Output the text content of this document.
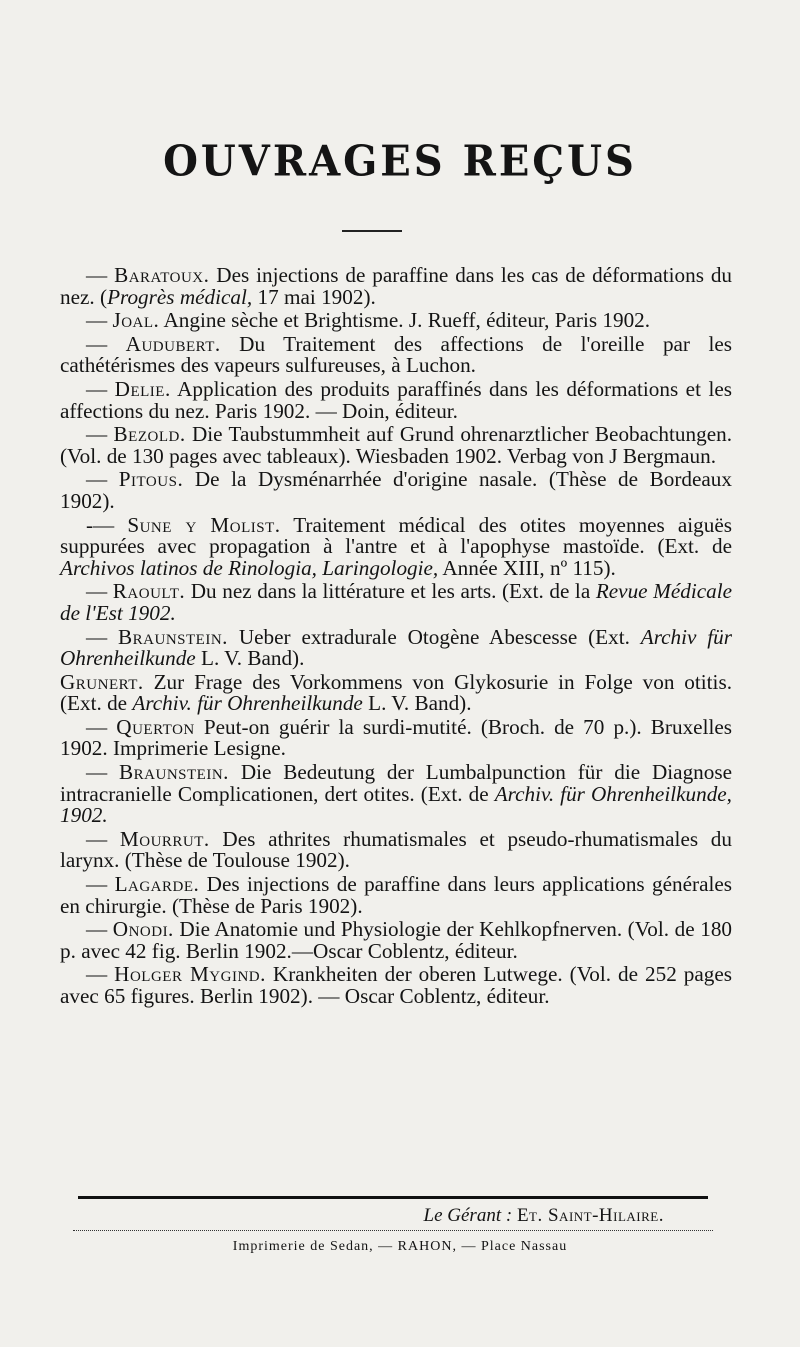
OUVRAGES REÇUS

— Baratoux. Des injections de paraffine dans les cas de déformations du nez. (Progrès médical, 17 mai 1902).

— Joal. Angine sèche et Brightisme. J. Rueff, éditeur, Paris 1902.

— Audubert. Du Traitement des affections de l'oreille par les cathétérismes des vapeurs sulfureuses, à Luchon.

— Delie. Application des produits paraffinés dans les déformations et les affections du nez. Paris 1902. — Doin, éditeur.

— Bezold. Die Taubstummheit auf Grund ohrenarztlicher Beobachtungen. (Vol. de 130 pages avec tableaux). Wiesbaden 1902. Verbag von J Bergmaun.

— Pitous. De la Dysménarrhée d'origine nasale. (Thèse de Bordeaux 1902).

-— Sune y Molist. Traitement médical des otites moyennes aiguës suppurées avec propagation à l'antre et à l'apophyse mastoïde. (Ext. de Archivos latinos de Rinologia, Laringologie, Année XIII, nº 115).

— Raoult. Du nez dans la littérature et les arts. (Ext. de la Revue Médicale de l'Est 1902.

— Braunstein. Ueber extradurale Otogène Abescesse (Ext. Archiv für Ohrenheilkunde L. V. Band).

Grunert. Zur Frage des Vorkommens von Glykosurie in Folge von otitis. (Ext. de Archiv. für Ohrenheilkunde L. V. Band).

— Querton Peut-on guérir la surdi-mutité. (Broch. de 70 p.). Bruxelles 1902. Imprimerie Lesigne.

— Braunstein. Die Bedeutung der Lumbalpunction für die Diagnose intracranielle Complicationen, dert otites. (Ext. de Archiv. für Ohrenheilkunde, 1902.

— Mourrut. Des athrites rhumatismales et pseudo-rhumatismales du larynx. (Thèse de Toulouse 1902).

— Lagarde. Des injections de paraffine dans leurs applications générales en chirurgie. (Thèse de Paris 1902).

— Onodi. Die Anatomie und Physiologie der Kehlkopfnerven. (Vol. de 180 p. avec 42 fig. Berlin 1902.—Oscar Coblentz, éditeur.

— Holger Mygind. Krankheiten der oberen Lutwege. (Vol. de 252 pages avec 65 figures. Berlin 1902). — Oscar Coblentz, éditeur.

Le Gérant : Et. Saint-Hilaire.
Imprimerie de Sedan, — RAHON, — Place Nassau
